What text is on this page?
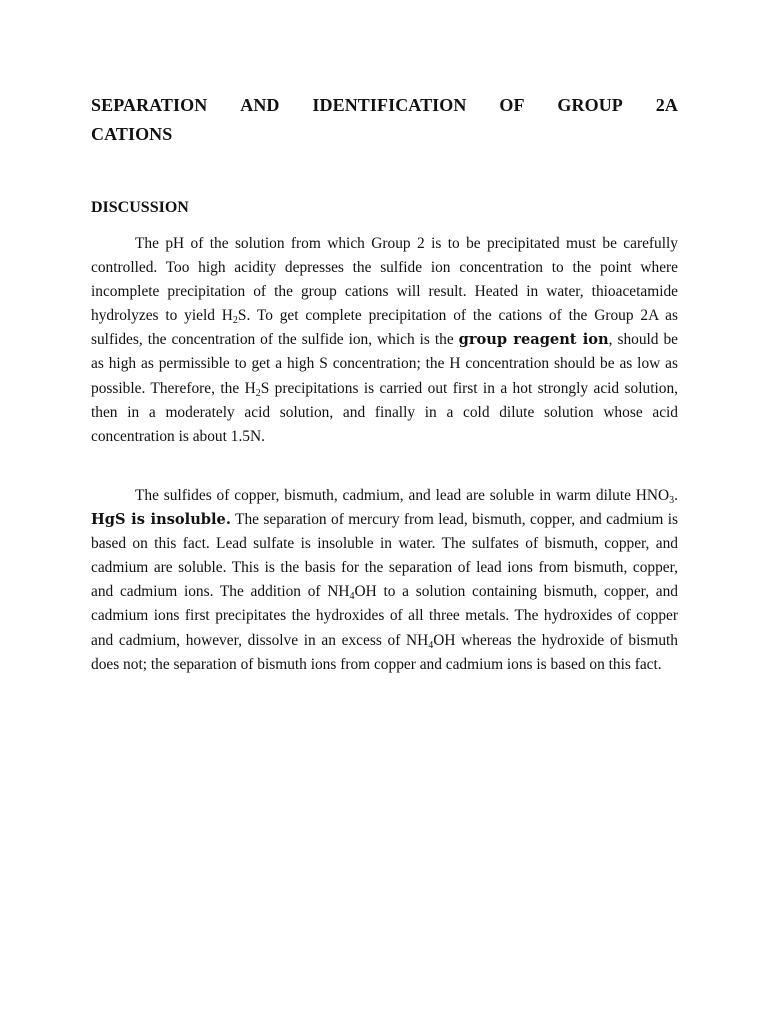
SEPARATION AND IDENTIFICATION OF GROUP 2A
CATIONS
DISCUSSION

The pH of the solution from which Group 2 is to be precipitated must be carefully controlled. Too high acidity depresses the sulfide ion concentration to the point where incomplete precipitation of the group cations will result. Heated in water, thioacetamide hydrolyzes to yield $H_2S$. To get complete precipitation of the cations of the Group 2A as sulfides, the concentration of the sulfide ion, which is the group reagent ion, should be as high as permissible to get a high S concentration; the H concentration should be as low as possible. Therefore, the $H_2S$ precipitations is carried out first in a hot strongly acid solution, then in a moderately acid solution, and finally in a cold dilute solution whose acid concentration is about 1.5N.

The sulfides of copper, bismuth, cadmium, and lead are soluble in warm dilute $HNO_3$. HgS is insoluble. The separation of mercury from lead, bismuth, copper, and cadmium is based on this fact. Lead sulfate is insoluble in water. The sulfates of bismuth, copper, and cadmium are soluble. This is the basis for the separation of lead ions from bismuth, copper, and cadmium ions. The addition of $NH_4OH$ to a solution containing bismuth, copper, and cadmium ions first precipitates the hydroxides of all three metals. The hydroxides of copper and cadmium, however, dissolve in an excess of $NH_4OH$ whereas the hydroxide of bismuth does not; the separation of bismuth ions from copper and cadmium ions is based on this fact.
